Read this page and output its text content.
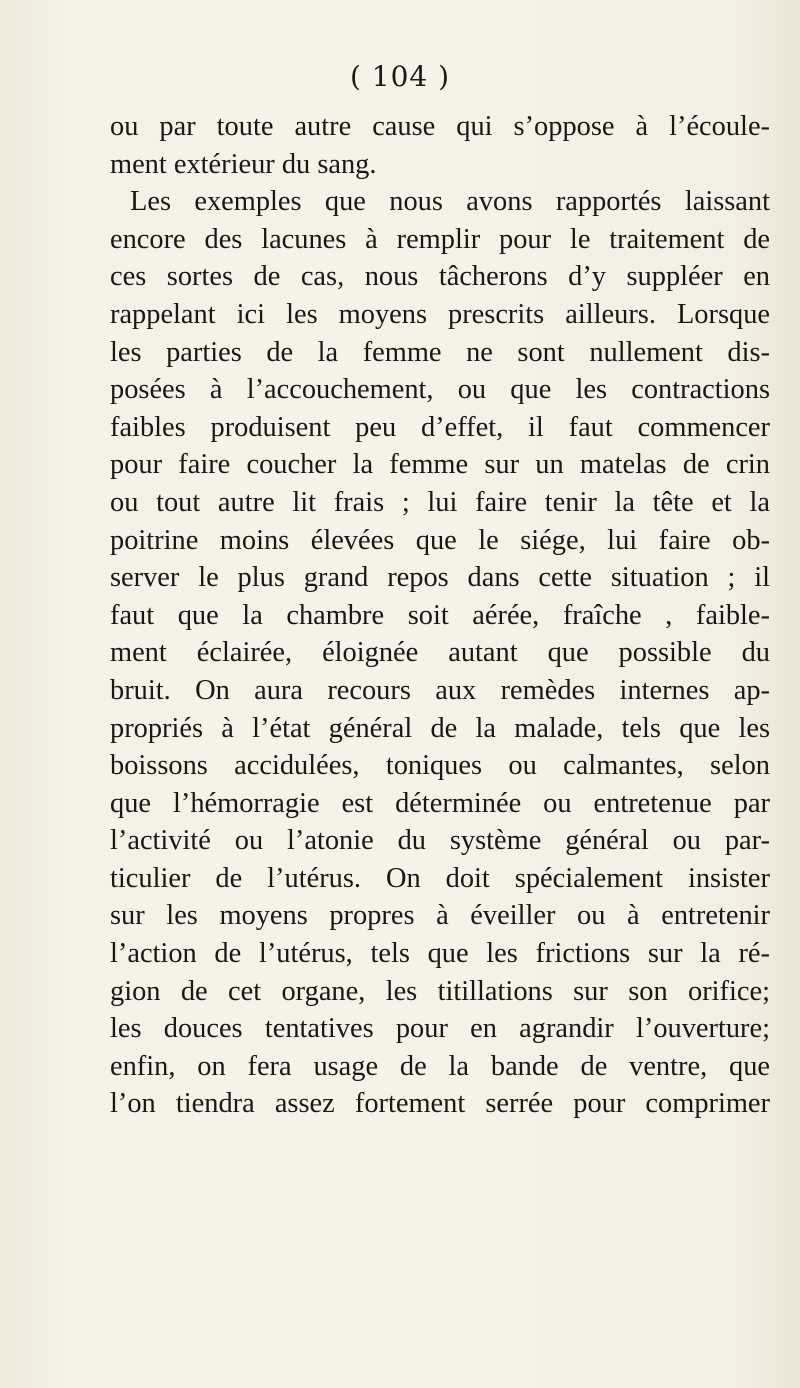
( 104 )
ou par toute autre cause qui s’oppose à l’écoule-
ment extérieur du sang.
Les exemples que nous avons rapportés laissant
encore des lacunes à remplir pour le traitement de
ces sortes de cas, nous tâcherons d’y suppléer en
rappelant ici les moyens prescrits ailleurs. Lorsque
les parties de la femme ne sont nullement dis-
posées à l’accouchement, ou que les contractions
faibles produisent peu d’effet, il faut commencer
pour faire coucher la femme sur un matelas de crin
ou tout autre lit frais ; lui faire tenir la tête et la
poitrine moins élevées que le siége, lui faire ob-
server le plus grand repos dans cette situation ; il
faut que la chambre soit aérée, fraîche , faible-
ment éclairée, éloignée autant que possible du
bruit. On aura recours aux remèdes internes ap-
propriés à l’état général de la malade, tels que les
boissons accidulées, toniques ou calmantes, selon
que l’hémorragie est déterminée ou entretenue par
l’activité ou l’atonie du système général ou par-
ticulier de l’utérus. On doit spécialement insister
sur les moyens propres à éveiller ou à entretenir
l’action de l’utérus, tels que les frictions sur la ré-
gion de cet organe, les titillations sur son orifice;
les douces tentatives pour en agrandir l’ouverture;
enfin, on fera usage de la bande de ventre, que
l’on tiendra assez fortement serrée pour comprimer
